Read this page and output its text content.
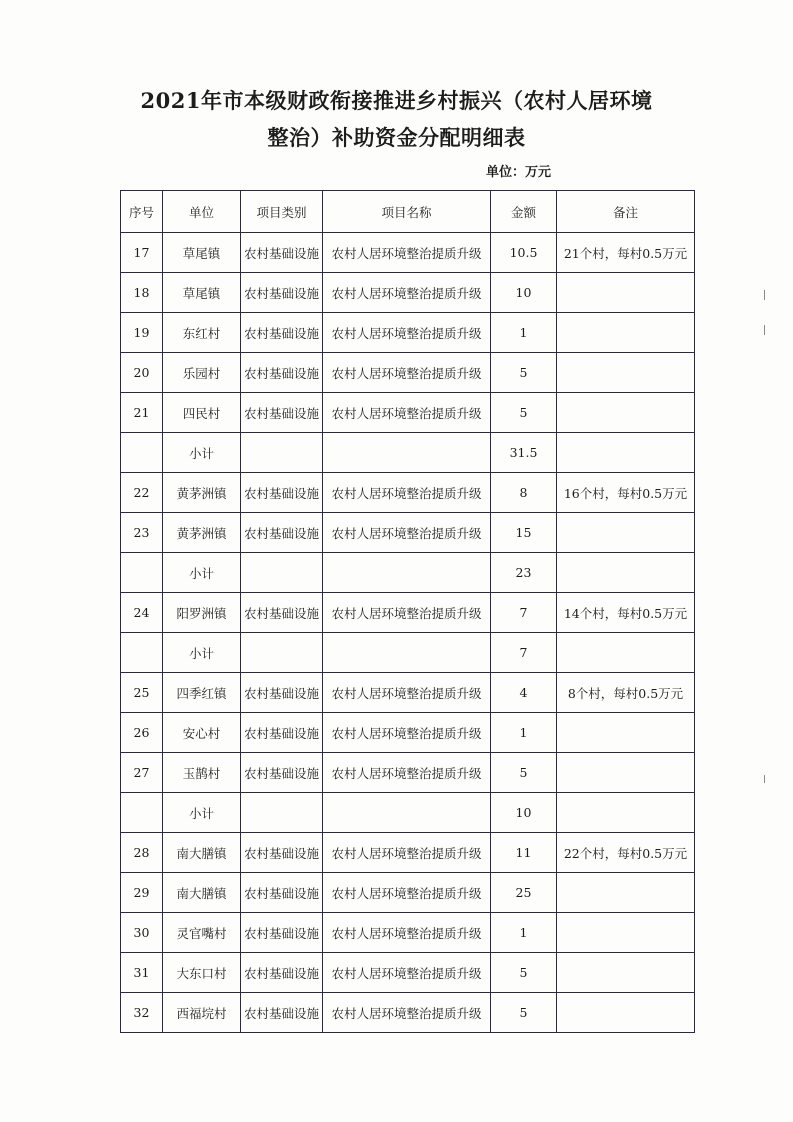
2021年市本级财政衔接推进乡村振兴（农村人居环境
整治）补助资金分配明细表
单位：万元
序号	单位	项目类别	项目名称	金额	备注
17	草尾镇	农村基础设施	农村人居环境整治提质升级	10.5	21个村，每村0.5万元
18	草尾镇	农村基础设施	农村人居环境整治提质升级	10	
19	东红村	农村基础设施	农村人居环境整治提质升级	1	
20	乐园村	农村基础设施	农村人居环境整治提质升级	5	
21	四民村	农村基础设施	农村人居环境整治提质升级	5	
	小计			31.5	
22	黄茅洲镇	农村基础设施	农村人居环境整治提质升级	8	16个村，每村0.5万元
23	黄茅洲镇	农村基础设施	农村人居环境整治提质升级	15	
	小计			23	
24	阳罗洲镇	农村基础设施	农村人居环境整治提质升级	7	14个村，每村0.5万元
	小计			7	
25	四季红镇	农村基础设施	农村人居环境整治提质升级	4	8个村，每村0.5万元
26	安心村	农村基础设施	农村人居环境整治提质升级	1	
27	玉鹊村	农村基础设施	农村人居环境整治提质升级	5	
	小计			10	
28	南大膳镇	农村基础设施	农村人居环境整治提质升级	11	22个村，每村0.5万元
29	南大膳镇	农村基础设施	农村人居环境整治提质升级	25	
30	灵官嘴村	农村基础设施	农村人居环境整治提质升级	1	
31	大东口村	农村基础设施	农村人居环境整治提质升级	5	
32	西福垸村	农村基础设施	农村人居环境整治提质升级	5	
